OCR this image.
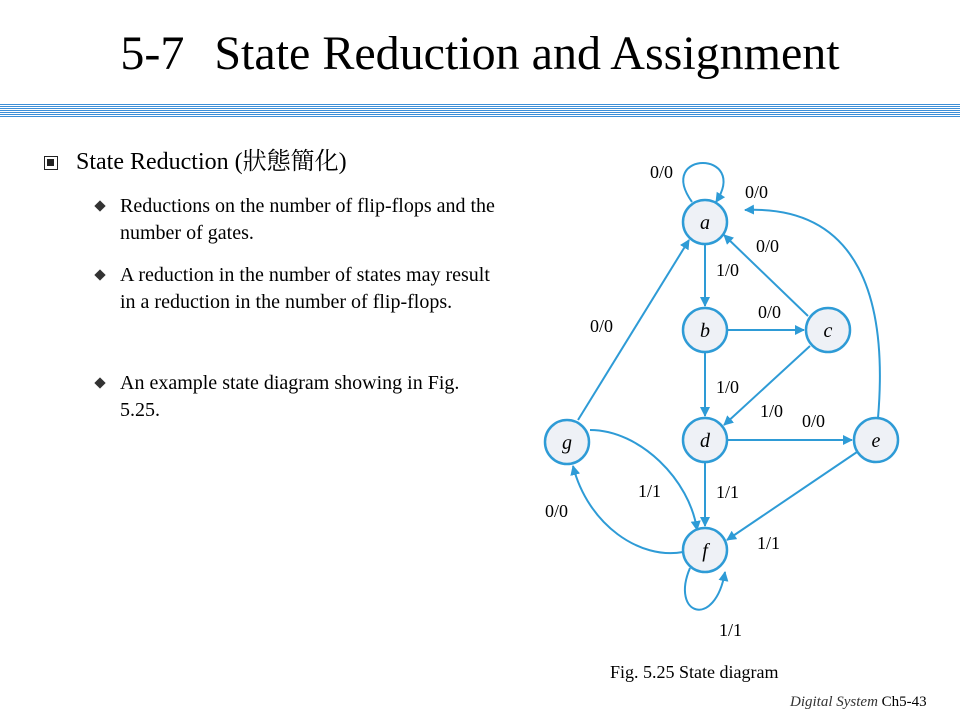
5-7 State Reduction and Assignment
State Reduction (狀態簡化)
Reductions on the number of flip-flops and the number of gates.
A reduction in the number of states may result in a reduction in the number of flip-flops.
An example state diagram showing in Fig. 5.25.
a
b	c
d	e
f
g
0/0
1/0
0/0
1/0
0/0
1/0 0/0
1/1
0/0
1/1
0/0
1/1
0/0
1/1
Fig. 5.25 State diagram
Digital System Ch5-43
